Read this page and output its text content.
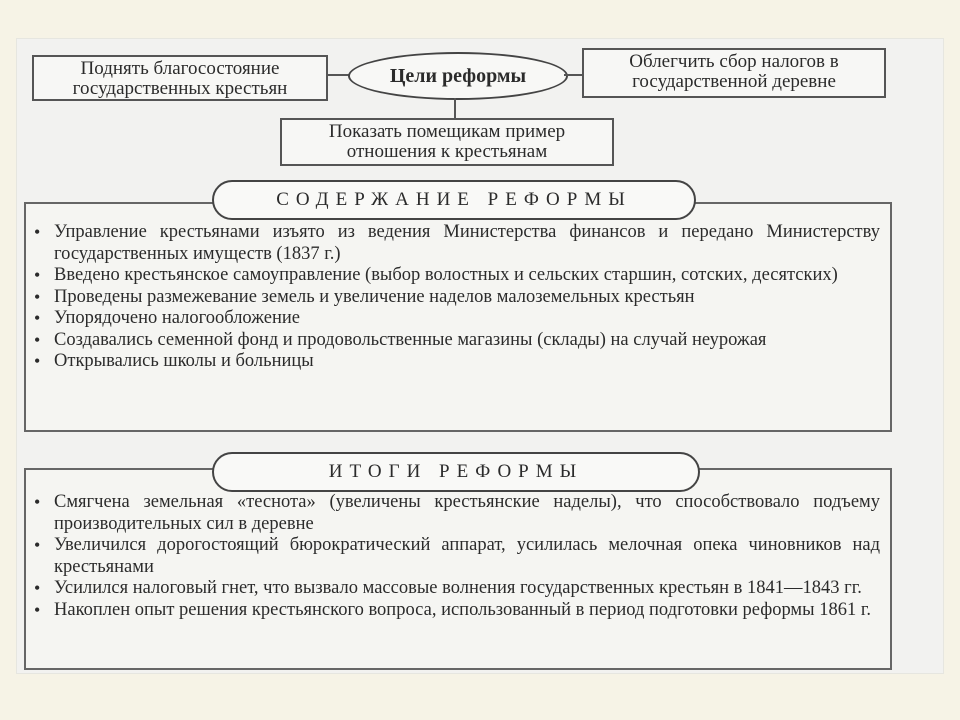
Поднять благосостояние государственных крестьян
Цели реформы
Облегчить сбор налогов в государственной деревне
Показать помещикам пример отношения к крестьянам
• Управление крестьянами изъято из ведения Министерства финансов и передано Министерству государственных имуществ (1837 г.)
• Введено крестьянское самоуправление (выбор волостных и сельских старшин, сотских, десятских)
• Проведены размежевание земель и увеличение наделов малоземельных крестьян
• Упорядочено налогообложение
• Создавались семенной фонд и продовольственные магазины (склады) на случай неурожая
• Открывались школы и больницы
СОДЕРЖАНИЕ РЕФОРМЫ
• Смягчена земельная «теснота» (увеличены крестьянские наделы), что способствовало подъему производительных сил в деревне
• Увеличился дорогостоящий бюрократический аппарат, усилилась мелочная опека чиновников над крестьянами
• Усилился налоговый гнет, что вызвало массовые волнения государственных крестьян в 1841—1843 гг.
• Накоплен опыт решения крестьянского вопроса, использованный в период подготовки реформы 1861 г.
ИТОГИ РЕФОРМЫ
